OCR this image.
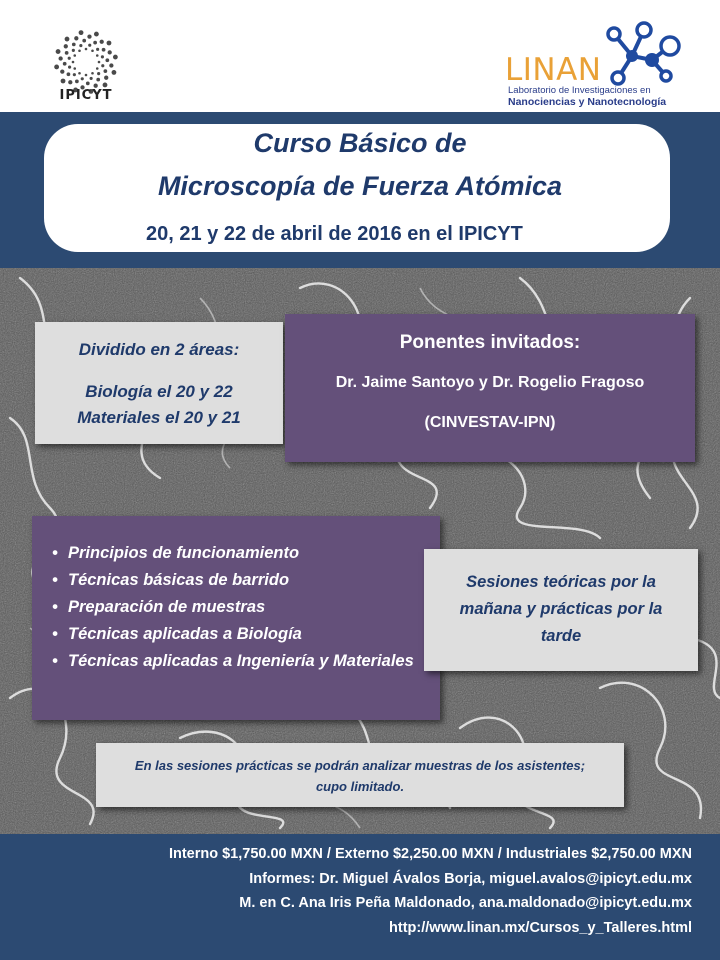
IPICYT
LINAN
Laboratorio de Investigaciones en
Nanociencias y Nanotecnología
Curso Básico de
Microscopía de Fuerza Atómica
20, 21 y 22 de abril de 2016 en el IPICYT
Dividido en 2 áreas:
Biología el 20 y 22
Materiales el 20 y 21
Ponentes invitados:
Dr. Jaime Santoyo y Dr. Rogelio Fragoso
(CINVESTAV-IPN)
• Principios de funcionamiento
• Técnicas básicas de barrido
• Preparación de muestras
• Técnicas aplicadas a Biología
• Técnicas aplicadas a Ingeniería y Materiales
Sesiones teóricas por la mañana y prácticas por la tarde
En las sesiones prácticas se podrán analizar muestras de los asistentes; cupo limitado.
Interno $1,750.00 MXN / Externo $2,250.00 MXN / Industriales $2,750.00 MXN
Informes: Dr. Miguel Ávalos Borja, miguel.avalos@ipicyt.edu.mx
M. en C. Ana Iris Peña Maldonado, ana.maldonado@ipicyt.edu.mx
http://www.linan.mx/Cursos_y_Talleres.html
